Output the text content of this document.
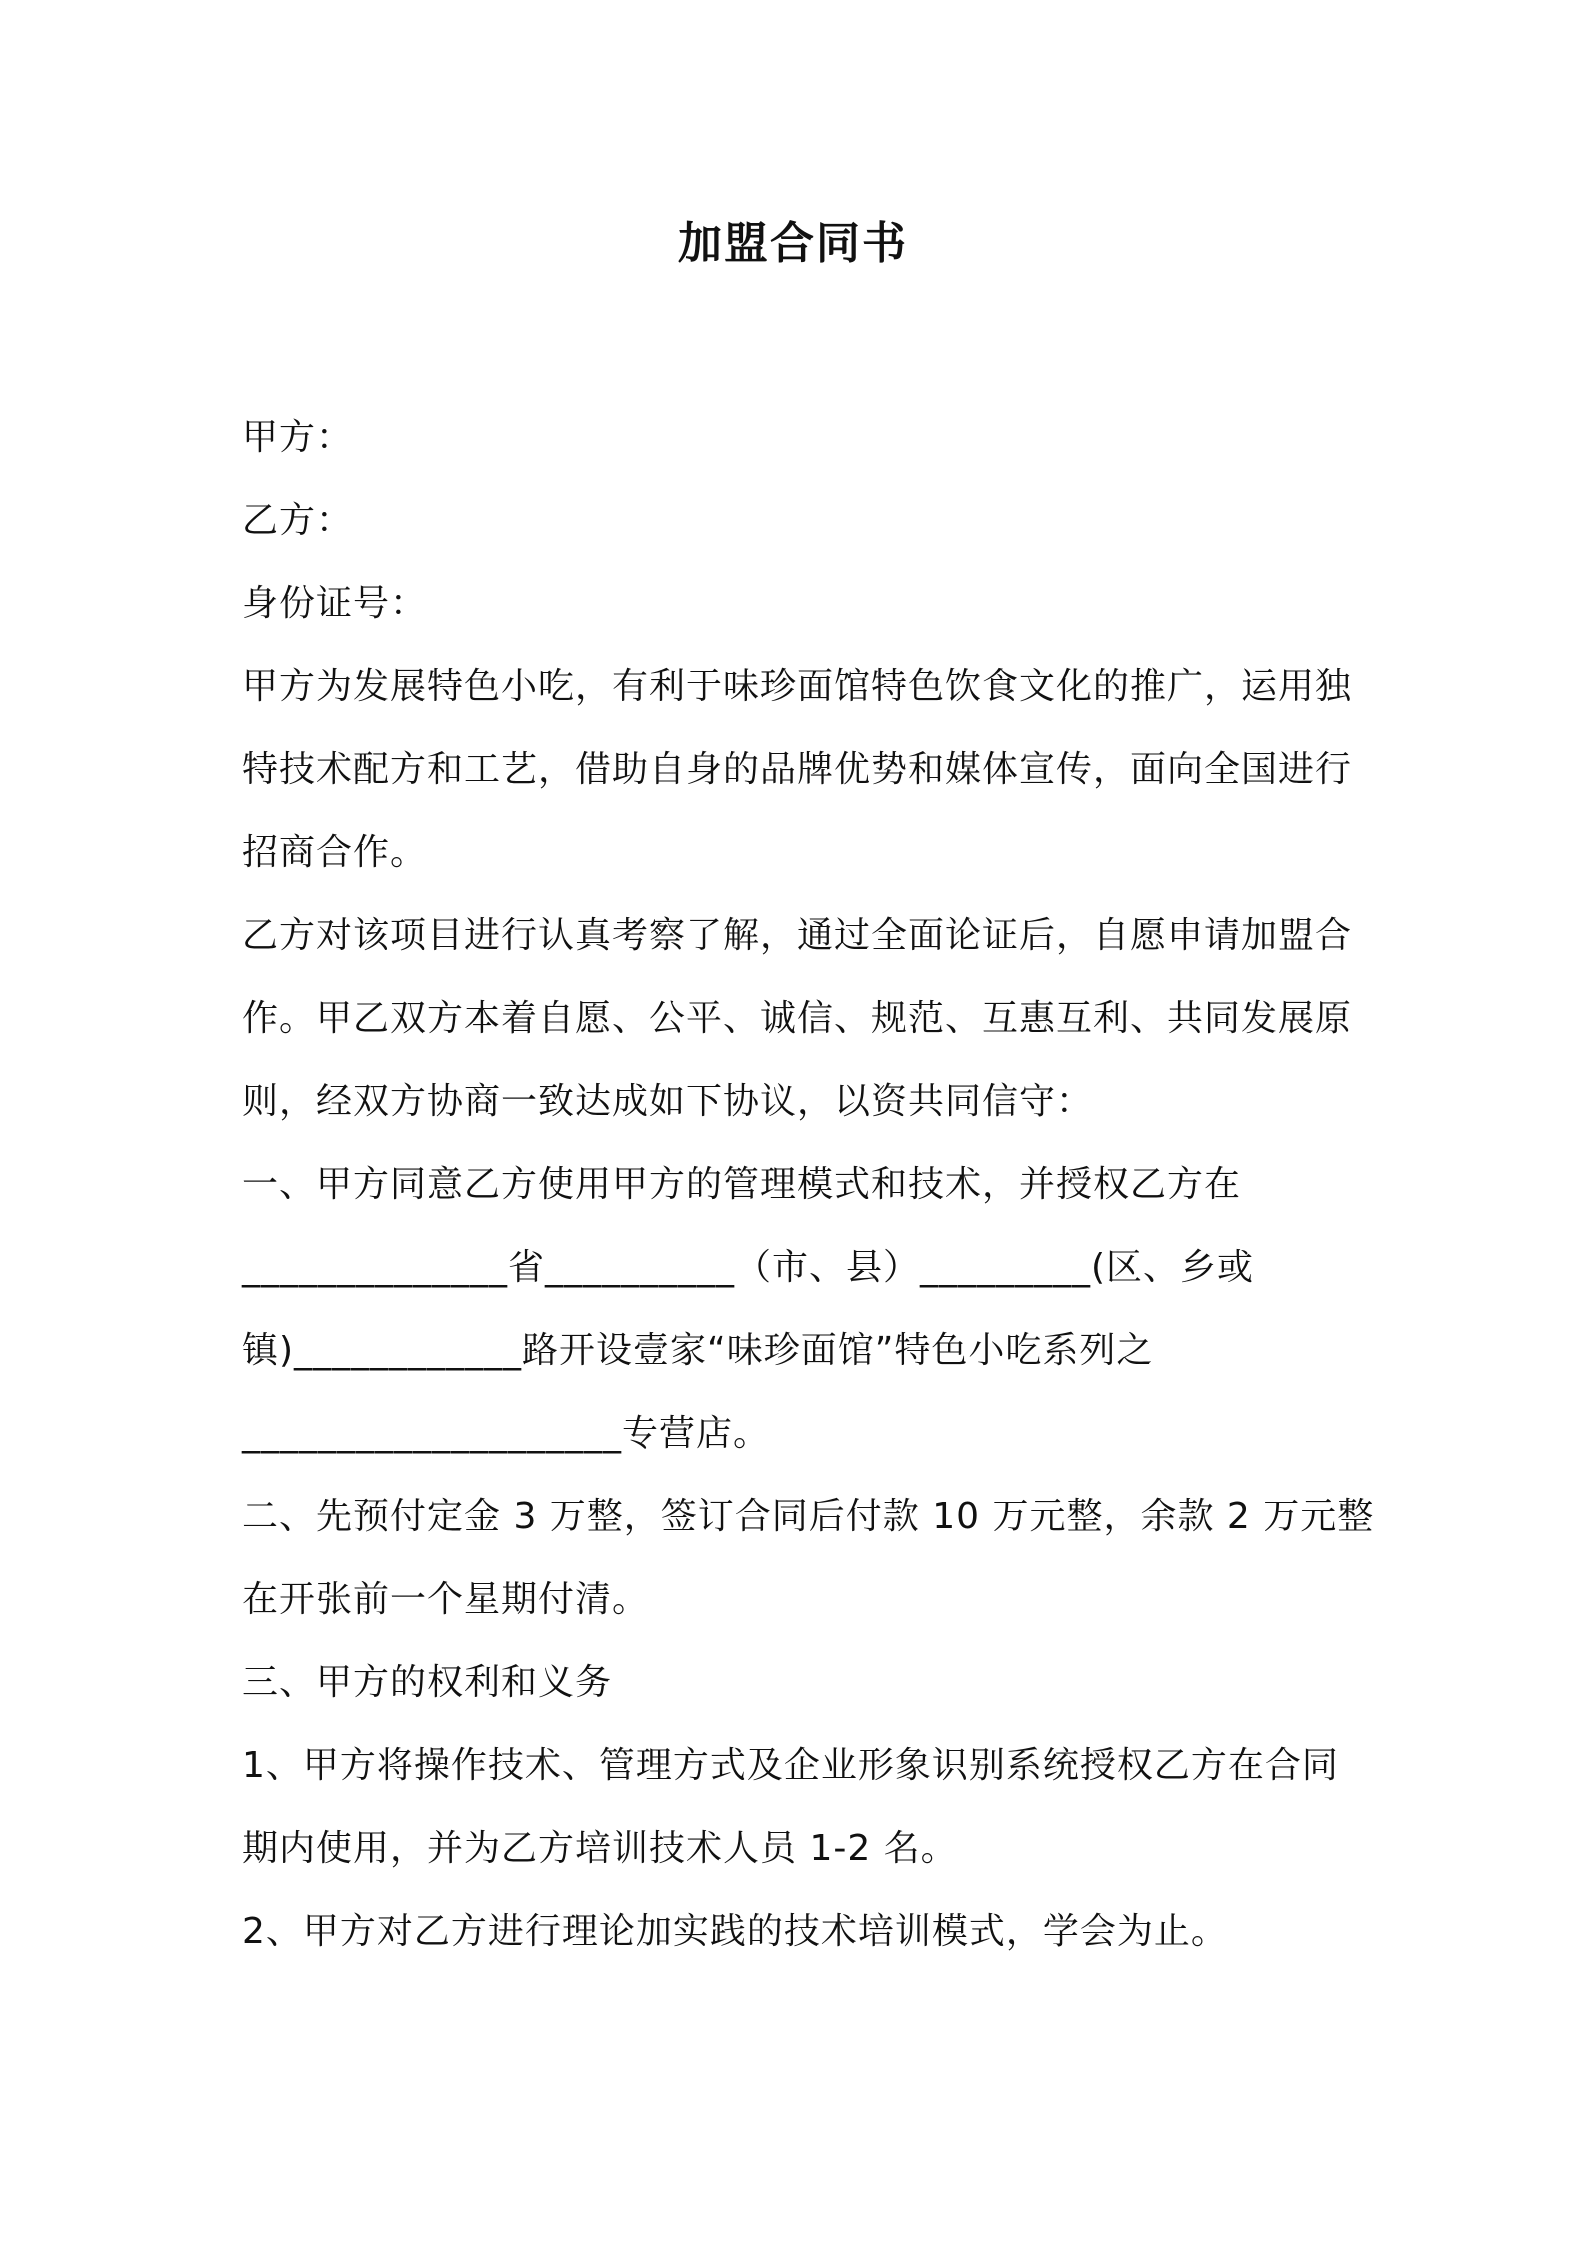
加盟合同书
甲方：
乙方：
身份证号：
甲方为发展特色小吃，有利于味珍面馆特色饮食文化的推广，运用独
特技术配方和工艺，借助自身的品牌优势和媒体宣传，面向全国进行
招商合作。
乙方对该项目进行认真考察了解，通过全面论证后，自愿申请加盟合
作。甲乙双方本着自愿、公平、诚信、规范、互惠互利、共同发展原
则，经双方协商一致达成如下协议，以资共同信守：
一、甲方同意乙方使用甲方的管理模式和技术，并授权乙方在
______________省__________（市、县）_________(区、乡或
镇)____________路开设壹家“味珍面馆”特色小吃系列之
____________________专营店。
二、先预付定金 3 万整，签订合同后付款 10 万元整，余款 2 万元整
在开张前一个星期付清。
三、甲方的权利和义务
1、甲方将操作技术、管理方式及企业形象识别系统授权乙方在合同
期内使用，并为乙方培训技术人员 1-2 名。
2、甲方对乙方进行理论加实践的技术培训模式，学会为止。
